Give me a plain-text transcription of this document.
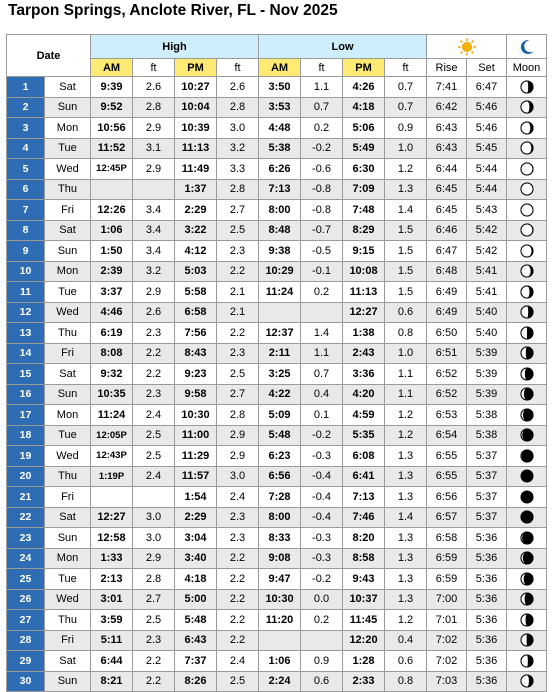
Tarpon Springs, Anclote River, FL - Nov 2025
Date		High				Low	

		AM	ft	PM	ft	AM	ft	PM	ft	Rise	Set	Moon
1	Sat	9:39	2.6	10:27	2.6	3:50	1.1	4:26	0.7	7:41	6:47	

2	Sun	9:52	2.8	10:04	2.8	3:53	0.7	4:18	0.7	6:42	5:46	

3	Mon	10:56	2.9	10:39	3.0	4:48	0.2	5:06	0.9	6:43	5:46	

4	Tue	11:52	3.1	11:13	3.2	5:38	-0.2	5:49	1.0	6:43	5:45	

5	Wed	12:45P	2.9	11:49	3.3	6:26	-0.6	6:30	1.2	6:44	5:44	

6	Thu			1:37	2.8	7:13	-0.8	7:09	1.3	6:45	5:44	

7	Fri	12:26	3.4	2:29	2.7	8:00	-0.8	7:48	1.4	6:45	5:43	

8	Sat	1:06	3.4	3:22	2.5	8:48	-0.7	8:29	1.5	6:46	5:42	

9	Sun	1:50	3.4	4:12	2.3	9:38	-0.5	9:15	1.5	6:47	5:42	

10	Mon	2:39	3.2	5:03	2.2	10:29	-0.1	10:08	1.5	6:48	5:41	

11	Tue	3:37	2.9	5:58	2.1	11:24	0.2	11:13	1.5	6:49	5:41	

12	Wed	4:46	2.6	6:58	2.1			12:27	0.6	6:49	5:40	

13	Thu	6:19	2.3	7:56	2.2	12:37	1.4	1:38	0.8	6:50	5:40	

14	Fri	8:08	2.2	8:43	2.3	2:11	1.1	2:43	1.0	6:51	5:39	

15	Sat	9:32	2.2	9:23	2.5	3:25	0.7	3:36	1.1	6:52	5:39	

16	Sun	10:35	2.3	9:58	2.7	4:22	0.4	4:20	1.1	6:52	5:39	

17	Mon	11:24	2.4	10:30	2.8	5:09	0.1	4:59	1.2	6:53	5:38	

18	Tue	12:05P	2.5	11:00	2.9	5:48	-0.2	5:35	1.2	6:54	5:38	

19	Wed	12:43P	2.5	11:29	2.9	6:23	-0.3	6:08	1.3	6:55	5:37	

20	Thu	1:19P	2.4	11:57	3.0	6:56	-0.4	6:41	1.3	6:55	5:37	

21	Fri			1:54	2.4	7:28	-0.4	7:13	1.3	6:56	5:37	

22	Sat	12:27	3.0	2:29	2.3	8:00	-0.4	7:46	1.4	6:57	5:37	

23	Sun	12:58	3.0	3:04	2.3	8:33	-0.3	8:20	1.3	6:58	5:36	

24	Mon	1:33	2.9	3:40	2.2	9:08	-0.3	8:58	1.3	6:59	5:36	

25	Tue	2:13	2.8	4:18	2.2	9:47	-0.2	9:43	1.3	6:59	5:36	

26	Wed	3:01	2.7	5:00	2.2	10:30	0.0	10:37	1.3	7:00	5:36	

27	Thu	3:59	2.5	5:48	2.2	11:20	0.2	11:45	1.2	7:01	5:36	

28	Fri	5:11	2.3	6:43	2.2			12:20	0.4	7:02	5:36	

29	Sat	6:44	2.2	7:37	2.4	1:06	0.9	1:28	0.6	7:02	5:36	

30	Sun	8:21	2.2	8:26	2.5	2:24	0.6	2:33	0.8	7:03	5:36	
